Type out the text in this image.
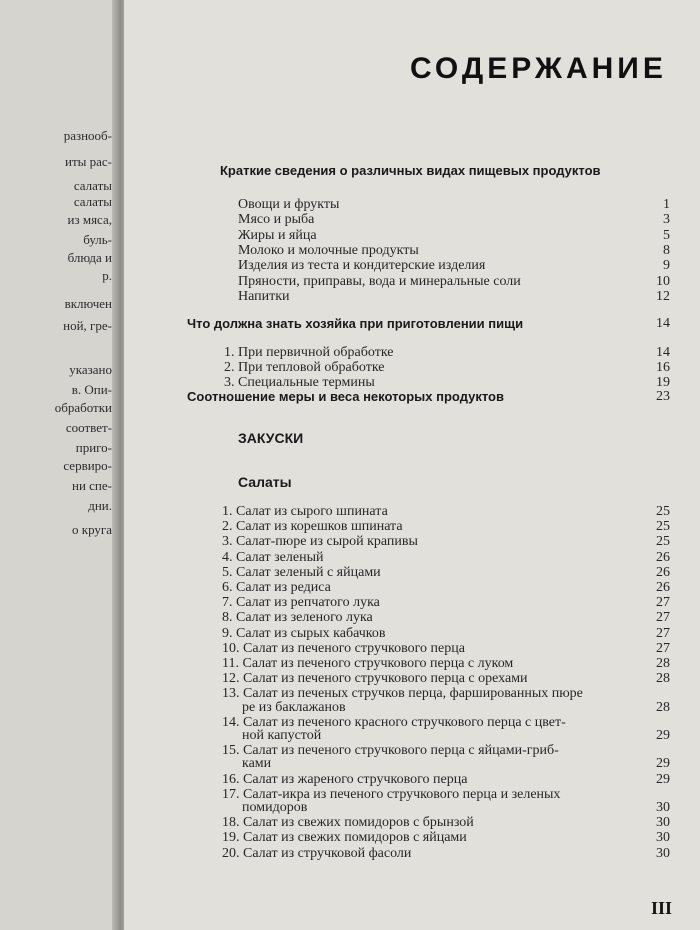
разнооб-
иты рас-
салаты
салаты
из мяса,
буль-
блюда и
р.
включен
ной, гре-
указано
в. Опи-
обработки
соответ-
приго-
сервиро-
ни спе-
дни.
о круга
СОДЕРЖАНИЕ
Краткие сведения о различных видах пищевых продуктов
Овощи и фрукты	1
Мясо и рыба	3
Жиры и яйца	5
Молоко и молочные продукты	8
Изделия из теста и кондитерские изделия	9
Пряности, приправы, вода и минеральные соли	10
Напитки	12
Что должна знать хозяйка при приготовлении пищи	14
1. При первичной обработке	14
2. При тепловой обработке	16
3. Специальные термины	19
Соотношение меры и веса некоторых продуктов	23
ЗАКУСКИ
Салаты
1. Салат из сырого шпината	25
2. Салат из корешков шпината	25
3. Салат-пюре из сырой крапивы	25
4. Салат зеленый	26
5. Салат зеленый с яйцами	26
6. Салат из редиса	26
7. Салат из репчатого лука	27
8. Салат из зеленого лука	27
9. Салат из сырых кабачков	27
10. Салат из печеного стручкового перца	27
11. Салат из печеного стручкового перца с луком	28
12. Салат из печеного стручкового перца с орехами	28
13. Салат из печеных стручков перца, фаршированных пюре
ре из баклажанов	28
14. Салат из печеного красного стручкового перца с цвет-
ной капустой	29
15. Салат из печеного стручкового перца с яйцами-гриб-
ками	29
16. Салат из жареного стручкового перца	29
17. Салат-икра из печеного стручкового перца и зеленых
помидоров	30
18. Салат из свежих помидоров с брынзой	30
19. Салат из свежих помидоров с яйцами	30
20. Салат из стручковой фасоли	30
III
